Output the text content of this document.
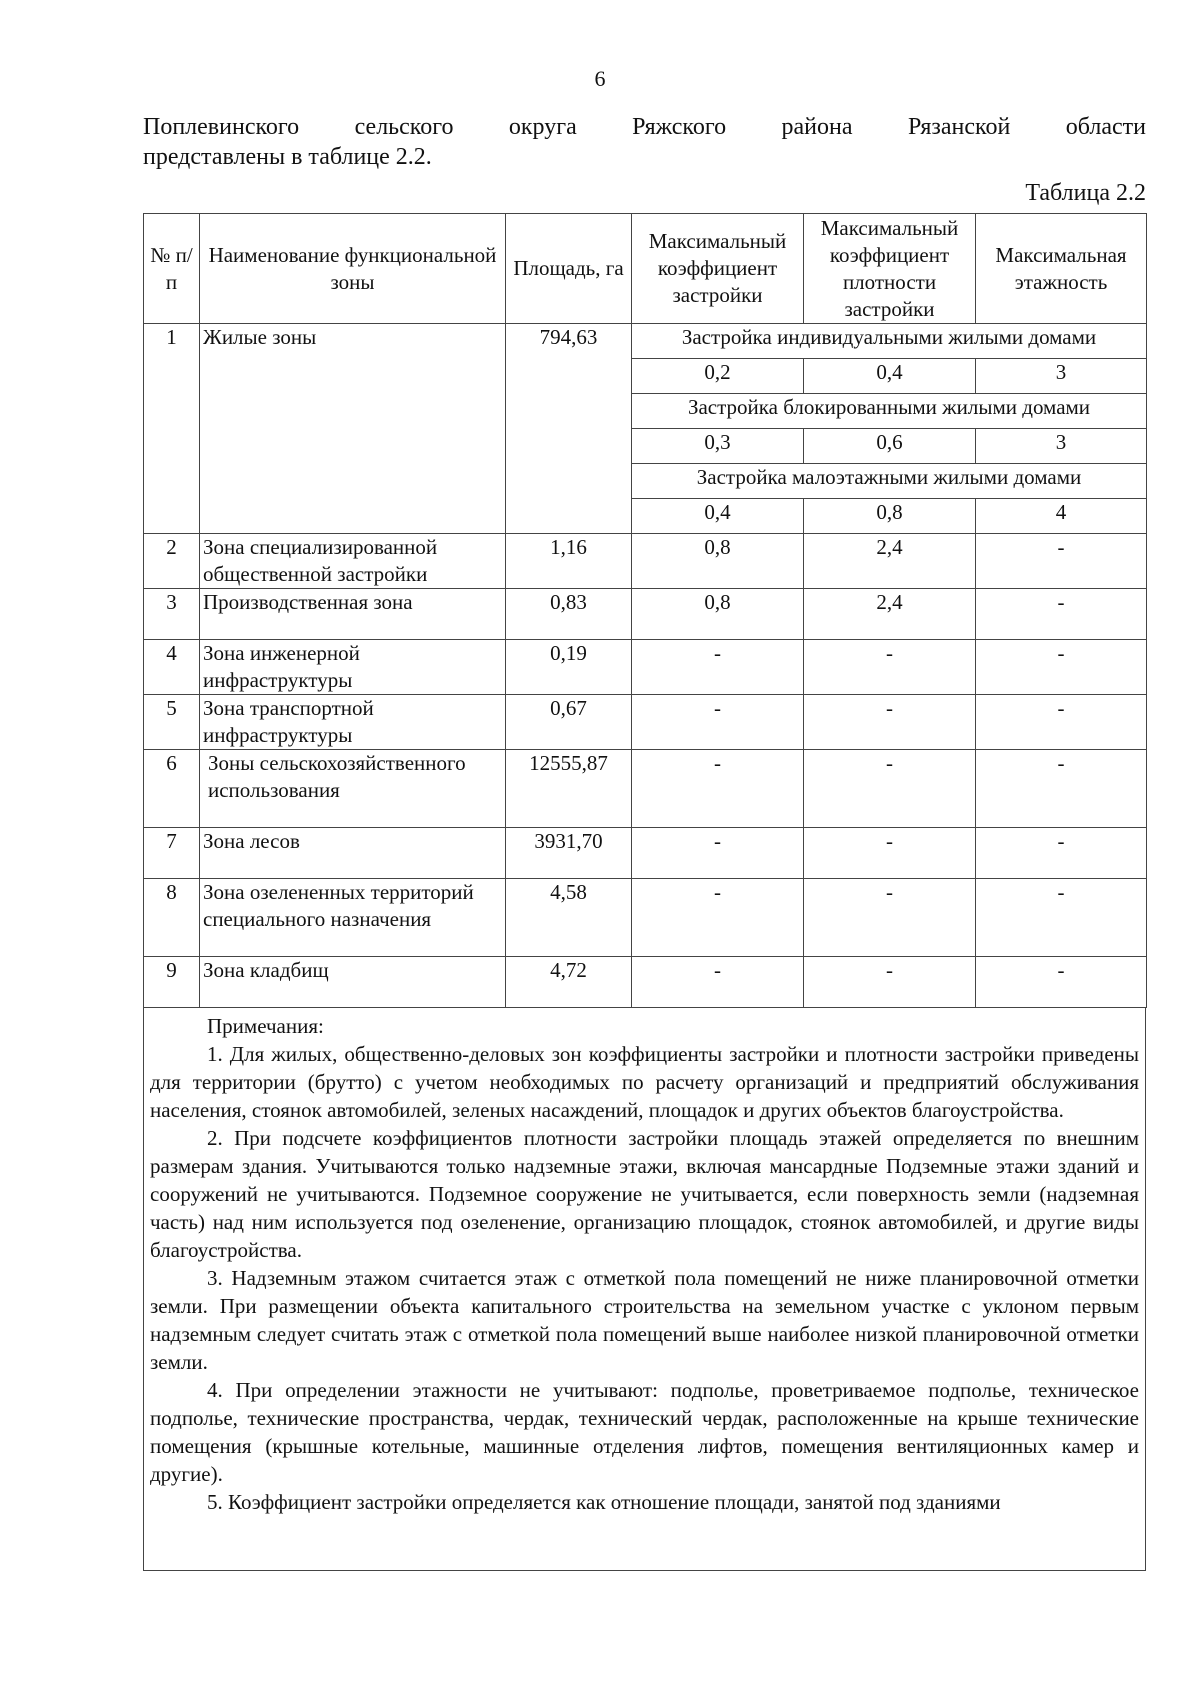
6
Поплевинского сельского округа Ряжского района Рязанской области
представлены в таблице 2.2.
Таблица 2.2
№ п/п	Наименование функциональной зоны	Площадь, га	Максимальный коэффициент застройки	Максимальный коэффициент плотности застройки	Максимальная этажность
1	Жилые зоны	794,63	Застройка индивидуальными жилыми домами		
			0,2	0,4	3
			Застройка блокированными жилыми домами		
			0,3	0,6	3
			Застройка малоэтажными жилыми домами		
			0,4	0,8	4
2	Зона специализированной общественной застройки	1,16	0,8	2,4	-
3	Производственная зона	0,83	0,8	2,4	-
4	Зона инженерной инфраструктуры	0,19	-	-	-
5	Зона транспортной инфраструктуры	0,67	-	-	-
6	Зоны сельскохозяйственного использования	12555,87	-	-	-
7	Зона лесов	3931,70	-	-	-
8	Зона озелененных территорий специального назначения	4,58	-	-	-
9	Зона кладбищ	4,72	-	-	-
Примечания:

1. Для жилых, общественно-деловых зон коэффициенты застройки и плотности застройки приведены для территории (брутто) с учетом необходимых по расчету организаций и предприятий обслуживания населения, стоянок автомобилей, зеленых насаждений, площадок и других объектов благоустройства.

2. При подсчете коэффициентов плотности застройки площадь этажей определяется по внешним размерам здания. Учитываются только надземные этажи, включая мансардные Подземные этажи зданий и сооружений не учитываются. Подземное сооружение не учитывается, если поверхность земли (надземная часть) над ним используется под озеленение, организацию площадок, стоянок автомобилей, и другие виды благоустройства.

3. Надземным этажом считается этаж с отметкой пола помещений не ниже планировочной отметки земли. При размещении объекта капитального строительства на земельном участке с уклоном первым надземным следует считать этаж с отметкой пола помещений выше наиболее низкой планировочной отметки земли.

4. При определении этажности не учитывают: подполье, проветриваемое подполье, техническое подполье, технические пространства, чердак, технический чердак, расположенные на крыше технические помещения (крышные котельные, машинные отделения лифтов, помещения вентиляционных камер и другие).

5. Коэффициент застройки определяется как отношение площади, занятой под зданиями
